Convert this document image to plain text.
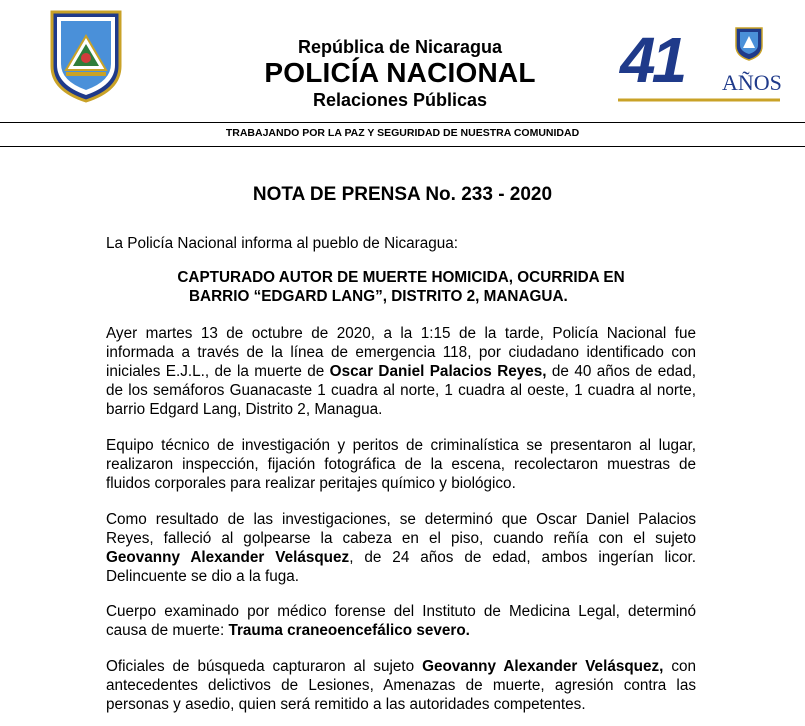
República de Nicaragua
POLICÍA NACIONAL
Relaciones Públicas
41 AÑOS
TRABAJANDO POR LA PAZ Y SEGURIDAD DE NUESTRA COMUNIDAD
NOTA DE PRENSA No. 233 - 2020
La Policía Nacional informa al pueblo de Nicaragua:
CAPTURADO AUTOR DE MUERTE HOMICIDA, OCURRIDA EN
BARRIO “EDGARD LANG”, DISTRITO 2, MANAGUA.
Ayer martes 13 de octubre de 2020, a la 1:15 de la tarde, Policía Nacional fue informada a través de la línea de emergencia 118, por ciudadano identificado con iniciales E.J.L., de la muerte de Oscar Daniel Palacios Reyes, de 40 años de edad, de los semáforos Guanacaste 1 cuadra al norte, 1 cuadra al oeste, 1 cuadra al norte, barrio Edgard Lang, Distrito 2, Managua.
Equipo técnico de investigación y peritos de criminalística se presentaron al lugar, realizaron inspección, fijación fotográfica de la escena, recolectaron muestras de fluidos corporales para realizar peritajes químico y biológico.
Como resultado de las investigaciones, se determinó que Oscar Daniel Palacios Reyes, falleció al golpearse la cabeza en el piso, cuando reñía con el sujeto Geovanny Alexander Velásquez, de 24 años de edad, ambos ingerían licor. Delincuente se dio a la fuga.
Cuerpo examinado por médico forense del Instituto de Medicina Legal, determinó causa de muerte: Trauma craneoencefálico severo.
Oficiales de búsqueda capturaron al sujeto Geovanny Alexander Velásquez, con antecedentes delictivos de Lesiones, Amenazas de muerte, agresión contra las personas y asedio, quien será remitido a las autoridades competentes.
